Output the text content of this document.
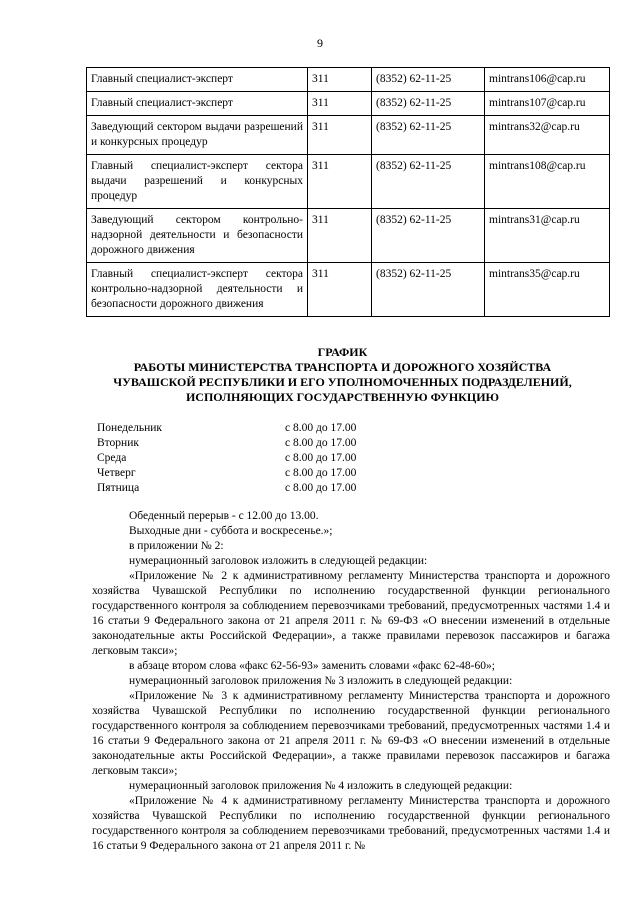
9
Главный специалист-эксперт	311	(8352) 62-11-25	mintrans106@cap.ru
Главный специалист-эксперт	311	(8352) 62-11-25	mintrans107@cap.ru
Заведующий сектором выдачи разрешений и конкурсных процедур	311	(8352) 62-11-25	mintrans32@cap.ru
Главный специалист-эксперт сектора выдачи разрешений и конкурсных процедур	311	(8352) 62-11-25	mintrans108@cap.ru
Заведующий сектором контрольно-надзорной деятельности и безопасности дорожного движения	311	(8352) 62-11-25	mintrans31@cap.ru
Главный специалист-эксперт сектора контрольно-надзорной деятельности и безопасности дорожного движения	311	(8352) 62-11-25	mintrans35@cap.ru
ГРАФИК
РАБОТЫ МИНИСТЕРСТВА ТРАНСПОРТА И ДОРОЖНОГО ХОЗЯЙСТВА
ЧУВАШСКОЙ РЕСПУБЛИКИ И ЕГО УПОЛНОМОЧЕННЫХ ПОДРАЗДЕЛЕНИЙ,
ИСПОЛНЯЮЩИХ ГОСУДАРСТВЕННУЮ ФУНКЦИЮ
Понедельник	с 8.00 до 17.00
Вторник	с 8.00 до 17.00
Среда	с 8.00 до 17.00
Четверг	с 8.00 до 17.00
Пятница	с 8.00 до 17.00

Обеденный перерыв - с 12.00 до 13.00.

Выходные дни - суббота и воскресенье.»;

в приложении № 2:

нумерационный заголовок изложить в следующей редакции:

«Приложение № 2 к административному регламенту Министерства транспорта и дорожного хозяйства Чувашской Республики по исполнению государственной функции регионального государственного контроля за соблюдением перевозчиками требований, предусмотренных частями 1.4 и 16 статьи 9 Федерального закона от 21 апреля 2011 г. № 69-ФЗ «О внесении изменений в отдельные законодательные акты Российской Федерации», а также правилами перевозок пассажиров и багажа легковым такси»;

в абзаце втором слова «факс 62-56-93» заменить словами «факс 62-48-60»;

нумерационный заголовок приложения № 3 изложить в следующей редакции:

«Приложение № 3 к административному регламенту Министерства транспорта и дорожного хозяйства Чувашской Республики по исполнению государственной функции регионального государственного контроля за соблюдением перевозчиками требований, предусмотренных частями 1.4 и 16 статьи 9 Федерального закона от 21 апреля 2011 г. № 69-ФЗ «О внесении изменений в отдельные законодательные акты Российской Федерации», а также правилами перевозок пассажиров и багажа легковым такси»;

нумерационный заголовок приложения № 4 изложить в следующей редакции:

«Приложение № 4 к административному регламенту Министерства транспорта и дорожного хозяйства Чувашской Республики по исполнению государственной функции регионального государственного контроля за соблюдением перевозчиками требований, предусмотренных частями 1.4 и 16 статьи 9 Федерального закона от 21 апреля 2011 г. №
